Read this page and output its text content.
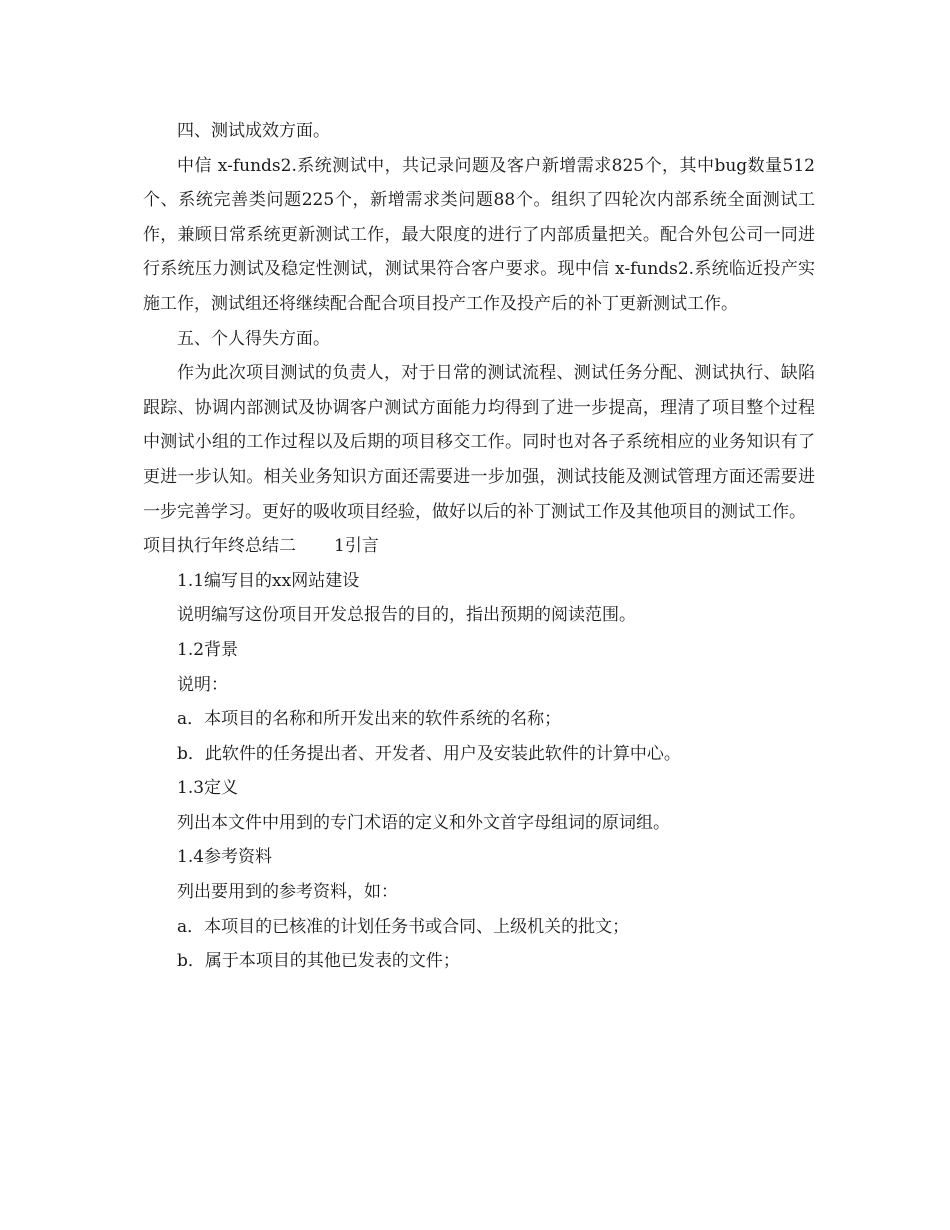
四、测试成效方面。

中信 x-funds2.系统测试中，共记录问题及客户新增需求825个，其中bug数量512个、系统完善类问题225个，新增需求类问题88个。组织了四轮次内部系统全面测试工作，兼顾日常系统更新测试工作，最大限度的进行了内部质量把关。配合外包公司一同进行系统压力测试及稳定性测试，测试果符合客户要求。现中信 x-funds2.系统临近投产实施工作，测试组还将继续配合配合项目投产工作及投产后的补丁更新测试工作。

五、个人得失方面。

作为此次项目测试的负责人，对于日常的测试流程、测试任务分配、测试执行、缺陷跟踪、协调内部测试及协调客户测试方面能力均得到了进一步提高，理清了项目整个过程中测试小组的工作过程以及后期的项目移交工作。同时也对各子系统相应的业务知识有了更进一步认知。相关业务知识方面还需要进一步加强，测试技能及测试管理方面还需要进一步完善学习。更好的吸收项目经验，做好以后的补丁测试工作及其他项目的测试工作。

项目执行年终总结二 1引言

1.1编写目的xx网站建设

说明编写这份项目开发总报告的目的，指出预期的阅读范围。

1.2背景

说明：

a．本项目的名称和所开发出来的软件系统的名称；

b．此软件的任务提出者、开发者、用户及安装此软件的计算中心。

1.3定义

列出本文件中用到的专门术语的定义和外文首字母组词的原词组。

1.4参考资料

列出要用到的参考资料，如：

a．本项目的已核准的计划任务书或合同、上级机关的批文；

b．属于本项目的其他已发表的文件；
